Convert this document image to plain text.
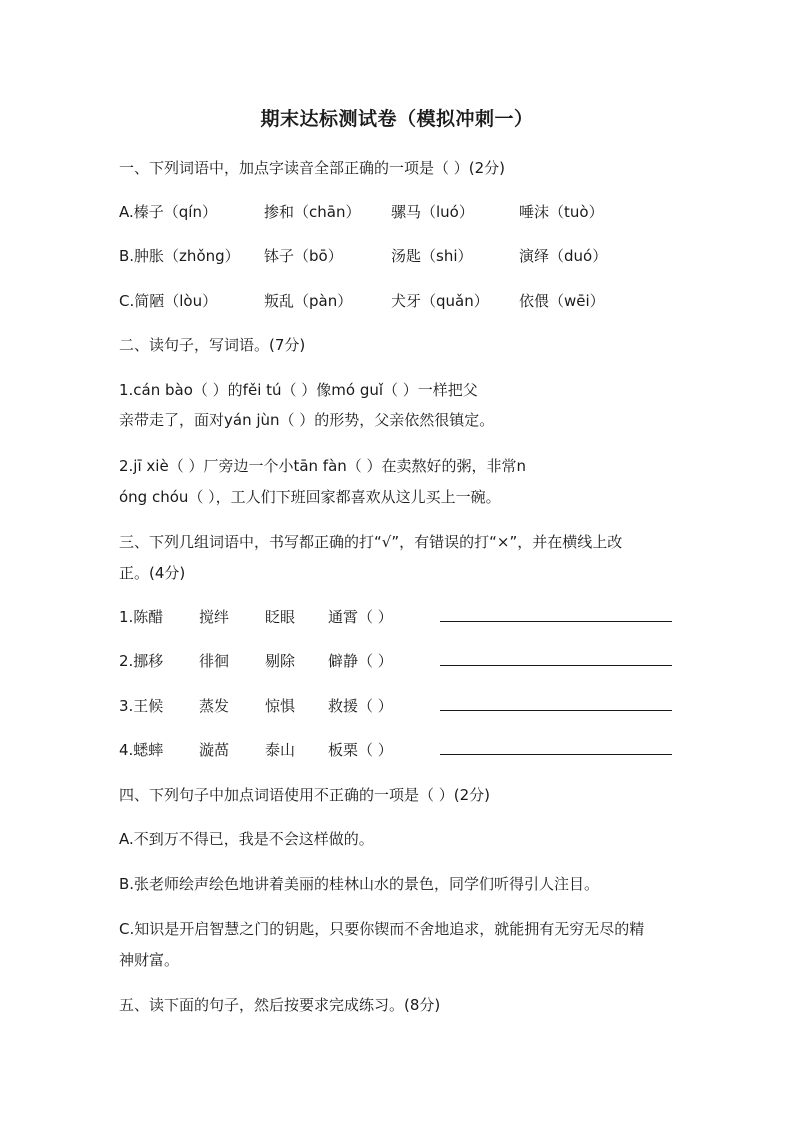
期末达标测试卷（模拟冲刺一）
一、下列词语中，加点字读音全部正确的一项是（ ）(2分)
A.榛子（qín）	掺和（chān） 骡马（luó）	唾沫（tuò）
B.肿胀（zhǒng） 钵子（bō）	汤匙（shi）	演绎（duó）
C.简陋（lòu）	叛乱（pàn）	犬牙（quǎn） 依偎（wēi）
二、读句子，写词语。(7分)
1.cán bào（ ）的fěi tú（ ）像mó guǐ（ ）一样把父
亲带走了，面对yán jùn（ ）的形势，父亲依然很镇定。
2.jī xiè（ ）厂旁边一个小tān fàn（ ）在卖熬好的粥，非常n
óng chóu（ ），工人们下班回家都喜欢从这儿买上一碗。
三、下列几组词语中，书写都正确的打“√”，有错误的打“×”，并在横线上改
正。(4分)
1.陈醋 搅绊 眨眼 通霄（ ）
2.挪移 徘徊 剔除 僻静（ ）
3.王候 蒸发 惊惧 救援（ ）
4.蟋蟀 漩萵 泰山 板栗（ ）
四、下列句子中加点词语使用不正确的一项是（ ）(2分)
A.不到万不得已，我是不会这样做的。
B.张老师绘声绘色地讲着美丽的桂林山水的景色，同学们听得引人注目。
C.知识是开启智慧之门的钥匙，只要你锲而不舍地追求，就能拥有无穷无尽的精
神财富。
五、读下面的句子，然后按要求完成练习。(8分)
